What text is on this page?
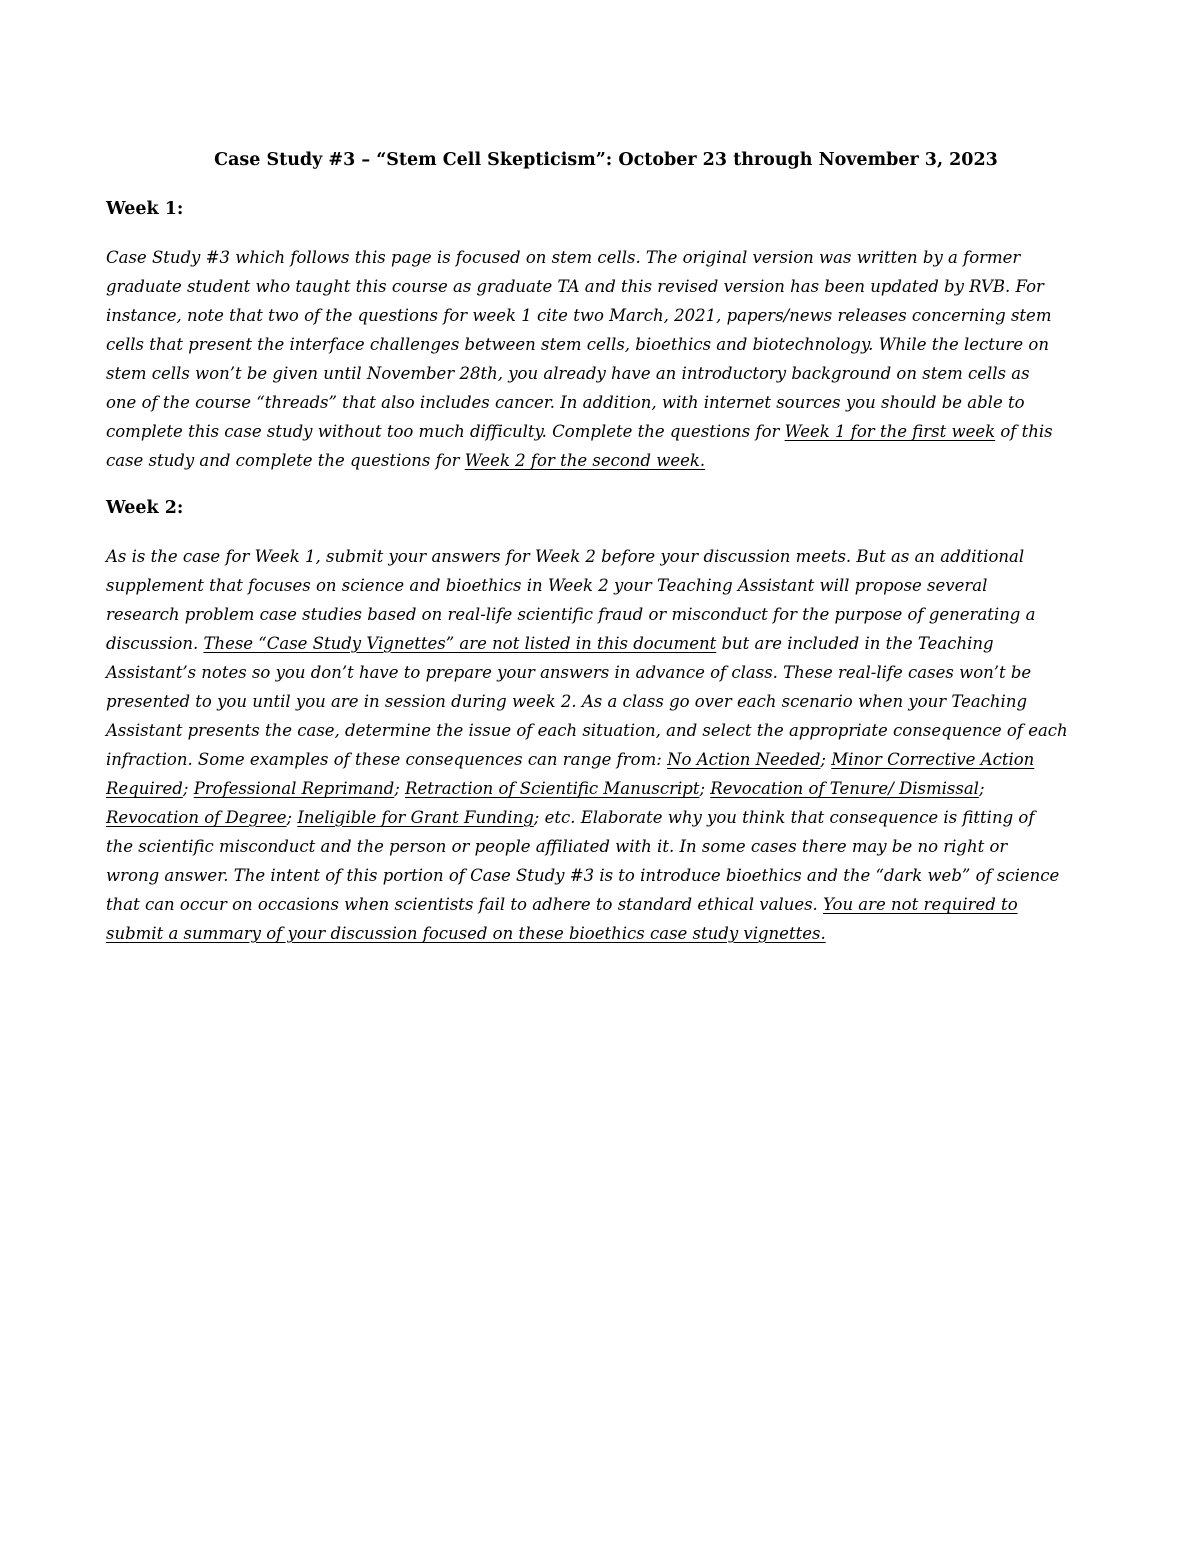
Case Study #3 – “Stem Cell Skepticism”: October 23 through November 3, 2023
Week 1:
Case Study #3 which follows this page is focused on stem cells. The original version was written by a former
graduate student who taught this course as graduate TA and this revised version has been updated by RVB. For
instance, note that two of the questions for week 1 cite two March, 2021, papers/news releases concerning stem
cells that present the interface challenges between stem cells, bioethics and biotechnology. While the lecture on
stem cells won’t be given until November 28th, you already have an introductory background on stem cells as
one of the course “threads” that also includes cancer. In addition, with internet sources you should be able to
complete this case study without too much difficulty. Complete the questions for Week 1 for the first week of this
case study and complete the questions for Week 2 for the second week.
Week 2:
As is the case for Week 1, submit your answers for Week 2 before your discussion meets. But as an additional
supplement that focuses on science and bioethics in Week 2 your Teaching Assistant will propose several
research problem case studies based on real-life scientific fraud or misconduct for the purpose of generating a
discussion. These “Case Study Vignettes” are not listed in this document but are included in the Teaching
Assistant’s notes so you don’t have to prepare your answers in advance of class. These real-life cases won’t be
presented to you until you are in session during week 2. As a class go over each scenario when your Teaching
Assistant presents the case, determine the issue of each situation, and select the appropriate consequence of each
infraction. Some examples of these consequences can range from: No Action Needed; Minor Corrective Action
Required; Professional Reprimand; Retraction of Scientific Manuscript; Revocation of Tenure/ Dismissal;
Revocation of Degree; Ineligible for Grant Funding; etc. Elaborate why you think that consequence is fitting of
the scientific misconduct and the person or people affiliated with it. In some cases there may be no right or
wrong answer. The intent of this portion of Case Study #3 is to introduce bioethics and the “dark web” of science
that can occur on occasions when scientists fail to adhere to standard ethical values. You are not required to
submit a summary of your discussion focused on these bioethics case study vignettes.
